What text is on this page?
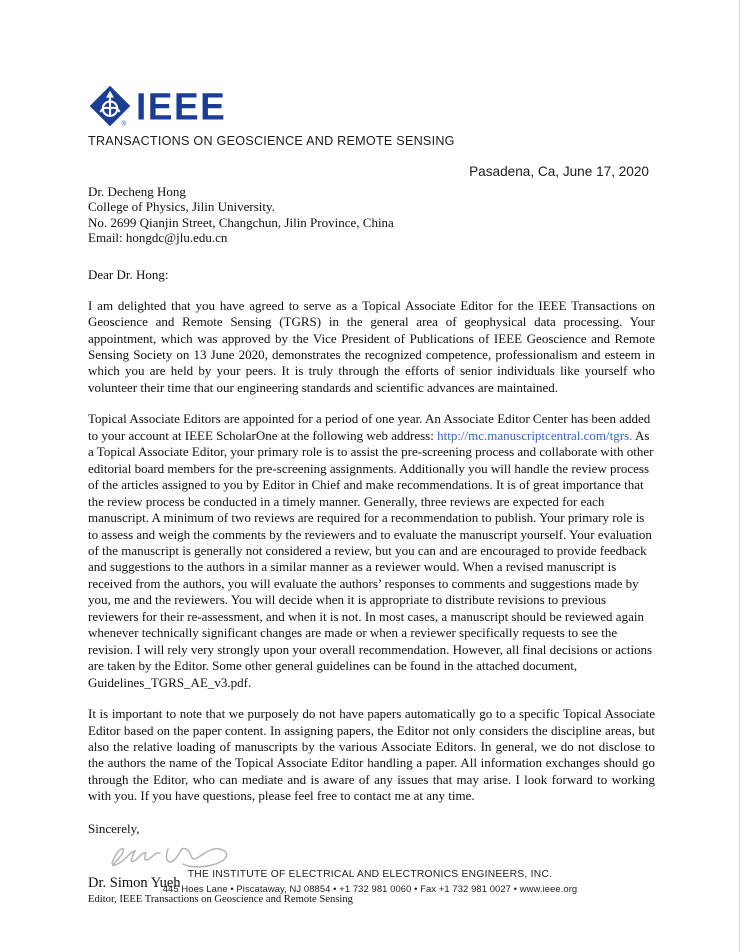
® IEEE
TRANSACTIONS ON GEOSCIENCE AND REMOTE SENSING
Pasadena, Ca, June 17, 2020
Dr. Decheng Hong
College of Physics, Jilin University.
No. 2699 Qianjin Street, Changchun, Jilin Province, China
Email: hongdc@jlu.edu.cn
Dear Dr. Hong:
I am delighted that you have agreed to serve as a Topical Associate Editor for the IEEE Transactions on Geoscience and Remote Sensing (TGRS) in the general area of geophysical data processing. Your appointment, which was approved by the Vice President of Publications of IEEE Geoscience and Remote Sensing Society on 13 June 2020, demonstrates the recognized competence, professionalism and esteem in which you are held by your peers. It is truly through the efforts of senior individuals like yourself who volunteer their time that our engineering standards and scientific advances are maintained.
Topical Associate Editors are appointed for a period of one year. An Associate Editor Center has been added to your account at IEEE ScholarOne at the following web address: http://mc.manuscriptcentral.com/tgrs. As a Topical Associate Editor, your primary role is to assist the pre-screening process and collaborate with other editorial board members for the pre-screening assignments. Additionally you will handle the review process of the articles assigned to you by Editor in Chief and make recommendations. It is of great importance that the review process be conducted in a timely manner. Generally, three reviews are expected for each manuscript. A minimum of two reviews are required for a recommendation to publish. Your primary role is to assess and weigh the comments by the reviewers and to evaluate the manuscript yourself. Your evaluation of the manuscript is generally not considered a review, but you can and are encouraged to provide feedback and suggestions to the authors in a similar manner as a reviewer would. When a revised manuscript is received from the authors, you will evaluate the authors’ responses to comments and suggestions made by you, me and the reviewers. You will decide when it is appropriate to distribute revisions to previous reviewers for their re-assessment, and when it is not. In most cases, a manuscript should be reviewed again whenever technically significant changes are made or when a reviewer specifically requests to see the revision. I will rely very strongly upon your overall recommendation. However, all final decisions or actions are taken by the Editor. Some other general guidelines can be found in the attached document, Guidelines_TGRS_AE_v3.pdf.
It is important to note that we purposely do not have papers automatically go to a specific Topical Associate Editor based on the paper content. In assigning papers, the Editor not only considers the discipline areas, but also the relative loading of manuscripts by the various Associate Editors. In general, we do not disclose to the authors the name of the Topical Associate Editor handling a paper. All information exchanges should go through the Editor, who can mediate and is aware of any issues that may arise. I look forward to working with you. If you have questions, please feel free to contact me at any time.
Sincerely,
Dr. Simon Yueh
Editor, IEEE Transactions on Geoscience and Remote Sensing
THE INSTITUTE OF ELECTRICAL AND ELECTRONICS ENGINEERS, INC.
445 Hoes Lane • Piscataway, NJ 08854 • +1 732 981 0060 • Fax +1 732 981 0027 • www.ieee.org
